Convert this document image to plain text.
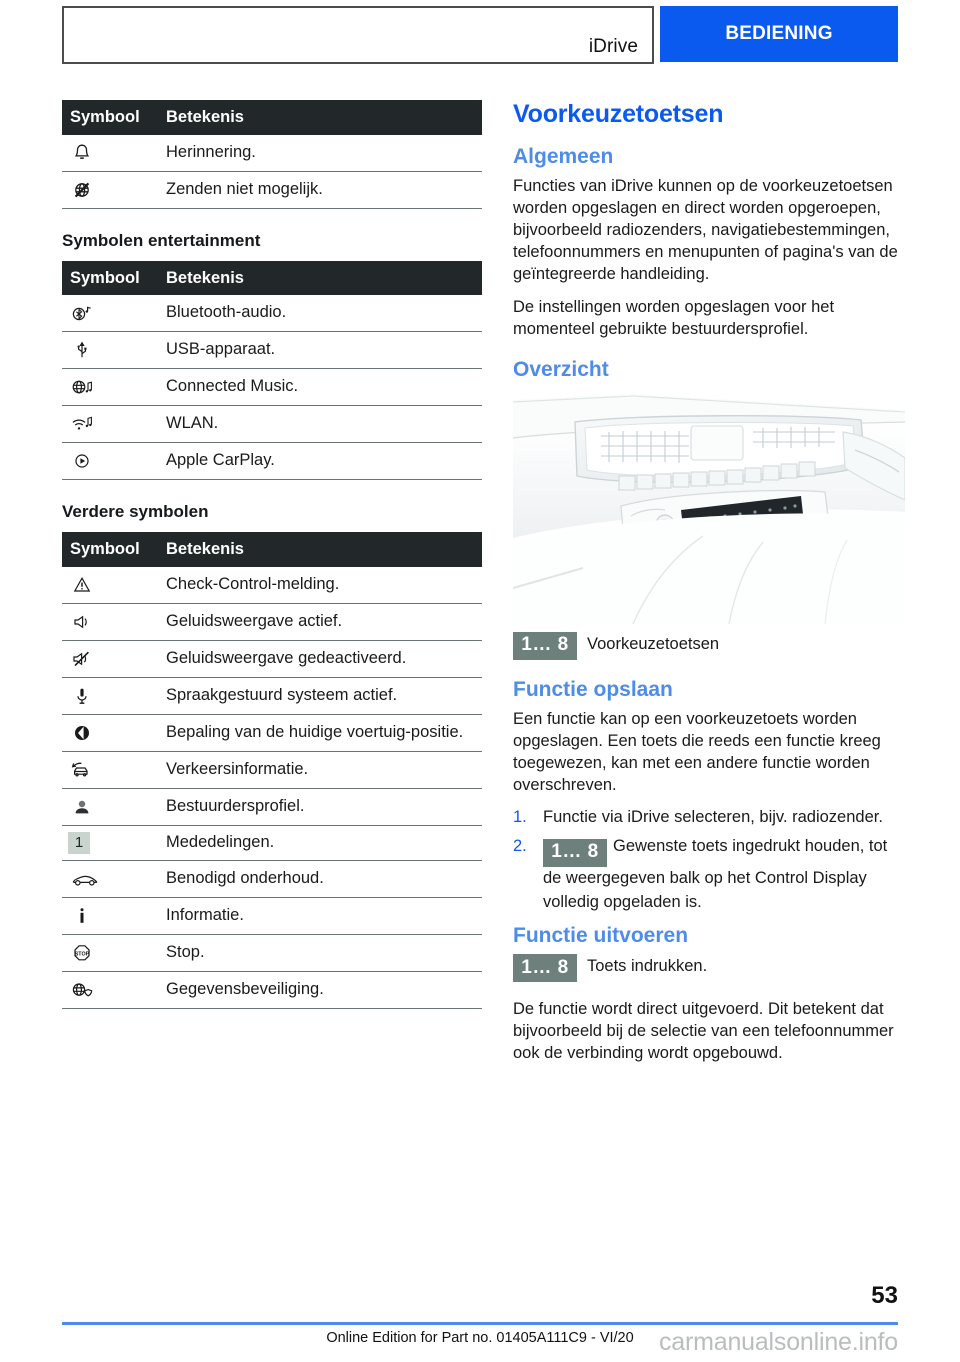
iDrive
BEDIENING
Symbool	Betekenis

	Herinnering.

	Zenden niet mogelijk.
Symbolen entertainment
Symbool	Betekenis

	Bluetooth-audio.

	USB-apparaat.

	Connected Music.

	WLAN.

	Apple CarPlay.
Verdere symbolen
Symbool	Betekenis

	Check-Control-melding.

	Geluidsweergave actief.

	Geluidsweergave gedeactiveerd.

	Spraakgestuurd systeem actief.

	Bepaling van de huidige voertuig-positie.

	Verkeersinformatie.

	Bestuurdersprofiel.
1	Mededelingen.

	Benodigd onderhoud.

	Informatie.

STOP	Stop.

	Gegevensbeveiliging.
Voorkeuzetoetsen
Algemeen

Functies van iDrive kunnen op de voorkeuzetoetsen worden opgeslagen en direct worden opgeroepen, bijvoorbeeld radiozenders, navigatiebestemmingen, telefoonnummers en menupunten of pagina's van de geïntegreerde handleiding.

De instellingen worden opgeslagen voor het momenteel gebruikte bestuurdersprofiel.

Overzicht
1… 8	Voorkeuzetoetsen
Functie opslaan

Een functie kan op een voorkeuzetoets worden opgeslagen. Een toets die reeds een functie kreeg toegewezen, kan met een andere functie worden overschreven.

1. Functie via iDrive selecteren, bijv. radiozender.
2. 1… 8 Gewenste toets ingedrukt houden, tot de weergegeven balk op het Control Display volledig opgeladen is.
Functie uitvoeren
1… 8	Toets indrukken.

De functie wordt direct uitgevoerd. Dit betekent dat bijvoorbeeld bij de selectie van een telefoonnummer ook de verbinding wordt opgebouwd.

53
Online Edition for Part no. 01405A111C9 - VI/20	carmanualsonline.info
